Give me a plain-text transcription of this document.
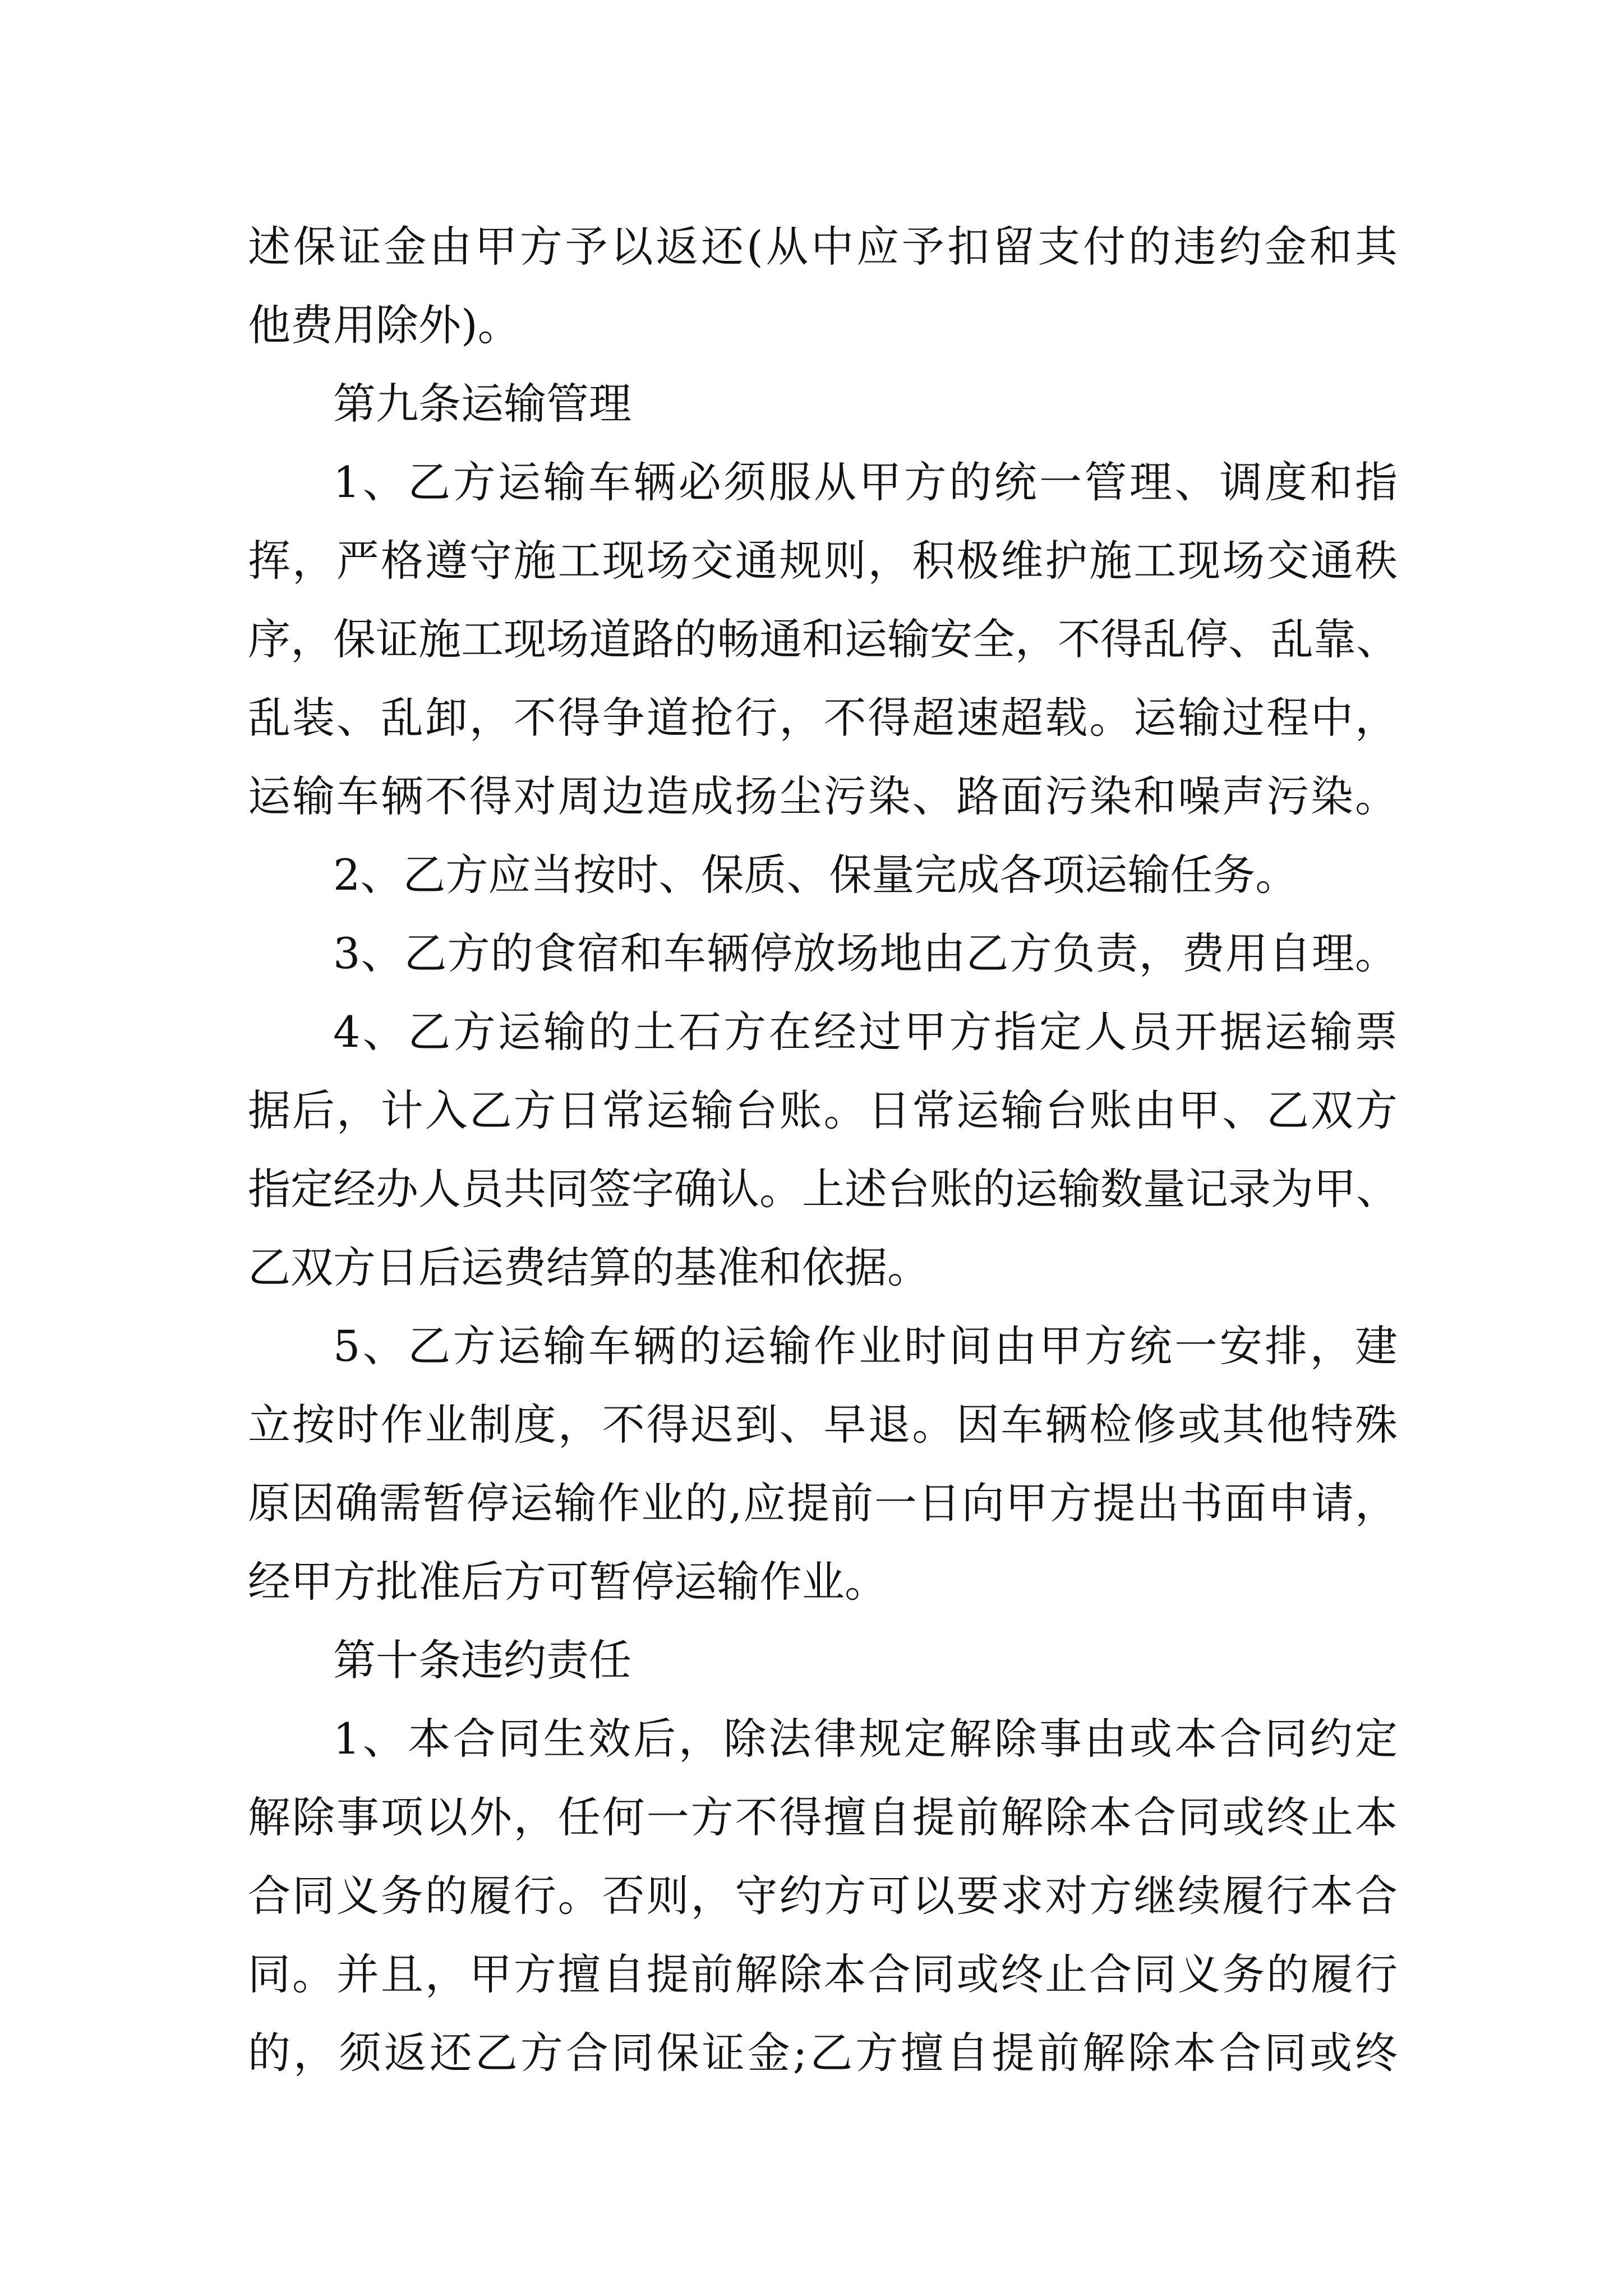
述保证金由甲方予以返还(从中应予扣留支付的违约金和其
他费用除外)。
第九条运输管理
1、乙方运输车辆必须服从甲方的统一管理、调度和指
挥，严格遵守施工现场交通规则，积极维护施工现场交通秩
序，保证施工现场道路的畅通和运输安全，不得乱停、乱靠、
乱装、乱卸，不得争道抢行，不得超速超载。运输过程中，
运输车辆不得对周边造成扬尘污染、路面污染和噪声污染。
2、乙方应当按时、保质、保量完成各项运输任务。
3、乙方的食宿和车辆停放场地由乙方负责，费用自理。
4、乙方运输的土石方在经过甲方指定人员开据运输票
据后，计入乙方日常运输台账。日常运输台账由甲、乙双方
指定经办人员共同签字确认。上述台账的运输数量记录为甲、
乙双方日后运费结算的基准和依据。
5、乙方运输车辆的运输作业时间由甲方统一安排，建
立按时作业制度，不得迟到、早退。因车辆检修或其他特殊
原因确需暂停运输作业的,应提前一日向甲方提出书面申请，
经甲方批准后方可暂停运输作业。
第十条违约责任
1、本合同生效后，除法律规定解除事由或本合同约定
解除事项以外，任何一方不得擅自提前解除本合同或终止本
合同义务的履行。否则，守约方可以要求对方继续履行本合
同。并且，甲方擅自提前解除本合同或终止合同义务的履行
的，须返还乙方合同保证金;乙方擅自提前解除本合同或终
